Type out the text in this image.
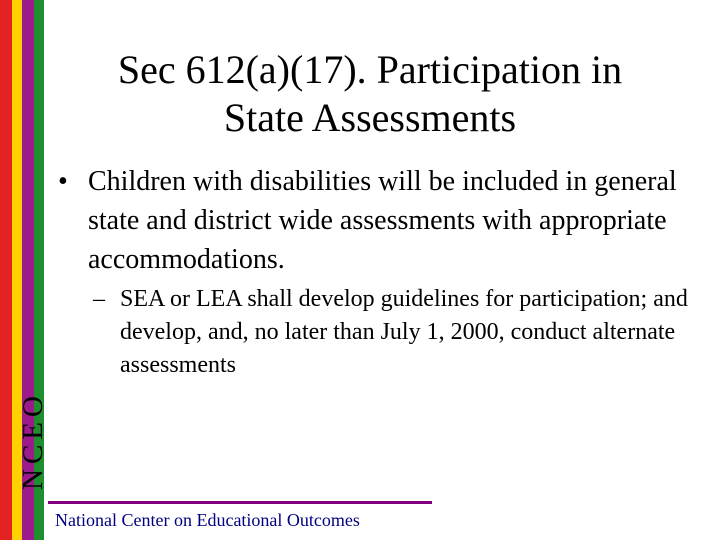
NCEO
Sec 612(a)(17). Participation in
State Assessments
• Children with disabilities will be included in general state and district wide assessments with appropriate accommodations.
– SEA or LEA shall develop guidelines for participation; and develop, and, no later than July 1, 2000, conduct alternate assessments
National Center on Educational Outcomes
